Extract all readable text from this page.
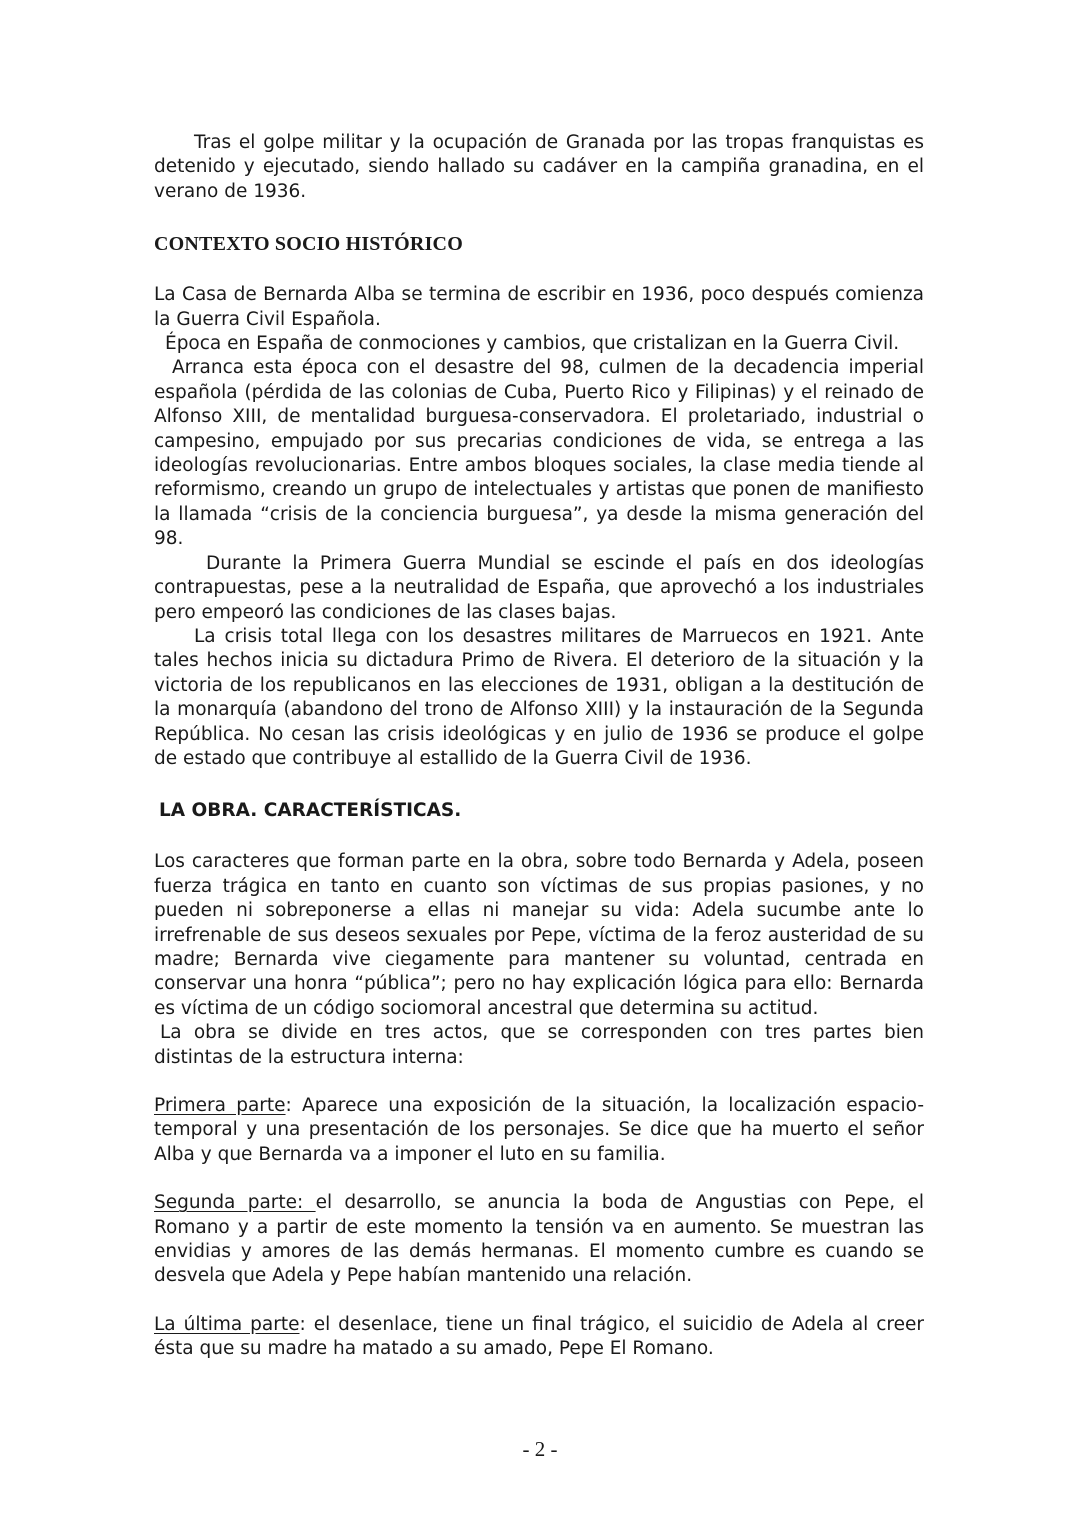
Tras el golpe militar y la ocupación de Granada por las tropas franquistas es detenido y ejecutado, siendo hallado su cadáver en la campiña granadina, en el verano de 1936.

CONTEXTO SOCIO HISTÓRICO

La Casa de Bernarda Alba se termina de escribir en 1936, poco después comienza la Guerra Civil Española.

Época en España de conmociones y cambios, que cristalizan en la Guerra Civil.

Arranca esta época con el desastre del 98, culmen de la decadencia imperial española (pérdida de las colonias de Cuba, Puerto Rico y Filipinas) y el reinado de Alfonso XIII, de mentalidad burguesa-conservadora. El proletariado, industrial o campesino, empujado por sus precarias condiciones de vida, se entrega a las ideologías revolucionarias. Entre ambos bloques sociales, la clase media tiende al reformismo, creando un grupo de intelectuales y artistas que ponen de manifiesto la llamada “crisis de la conciencia burguesa”, ya desde la misma generación del 98.

Durante la Primera Guerra Mundial se escinde el país en dos ideologías contrapuestas, pese a la neutralidad de España, que aprovechó a los industriales pero empeoró las condiciones de las clases bajas.

La crisis total llega con los desastres militares de Marruecos en 1921. Ante tales hechos inicia su dictadura Primo de Rivera. El deterioro de la situación y la victoria de los republicanos en las elecciones de 1931, obligan a la destitución de la monarquía (abandono del trono de Alfonso XIII) y la instauración de la Segunda República. No cesan las crisis ideológicas y en julio de 1936 se produce el golpe de estado que contribuye al estallido de la Guerra Civil de 1936.

LA OBRA. CARACTERÍSTICAS.

Los caracteres que forman parte en la obra, sobre todo Bernarda y Adela, poseen fuerza trágica en tanto en cuanto son víctimas de sus propias pasiones, y no pueden ni sobreponerse a ellas ni manejar su vida: Adela sucumbe ante lo irrefrenable de sus deseos sexuales por Pepe, víctima de la feroz austeridad de su madre; Bernarda vive ciegamente para mantener su voluntad, centrada en conservar una honra “pública”; pero no hay explicación lógica para ello: Bernarda es víctima de un código sociomoral ancestral que determina su actitud.

La obra se divide en tres actos, que se corresponden con tres partes bien distintas de la estructura interna:

Primera parte: Aparece una exposición de la situación, la localización espacio-temporal y una presentación de los personajes. Se dice que ha muerto el señor Alba y que Bernarda va a imponer el luto en su familia.

Segunda parte: el desarrollo, se anuncia la boda de Angustias con Pepe, el Romano y a partir de este momento la tensión va en aumento. Se muestran las envidias y amores de las demás hermanas. El momento cumbre es cuando se desvela que Adela y Pepe habían mantenido una relación.

La última parte: el desenlace, tiene un final trágico, el suicidio de Adela al creer ésta que su madre ha matado a su amado, Pepe El Romano.

- 2 -
